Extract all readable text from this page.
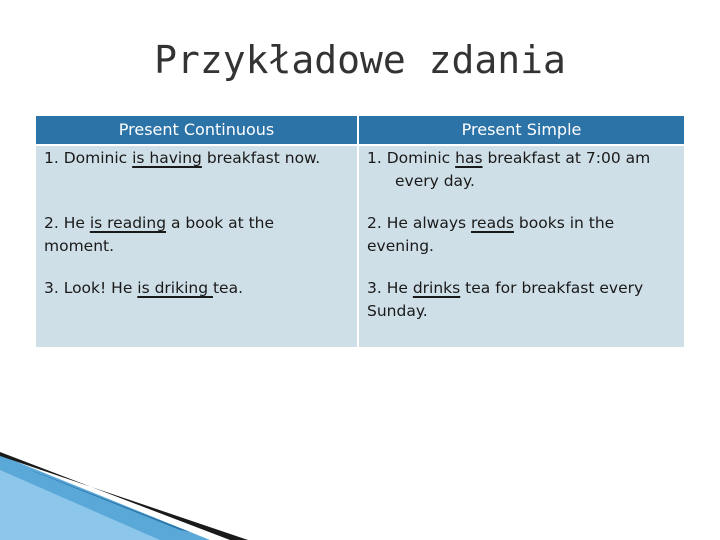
Przykładowe zdania
Present Continuous	Present Simple
1. Dominic is having breakfast now.
2. He is reading a book at the moment.
3. Look! He is driking tea.
1. Dominic has breakfast at 7:00 am every day.
2. He always reads books in the evening.
3. He drinks tea for breakfast every Sunday.
